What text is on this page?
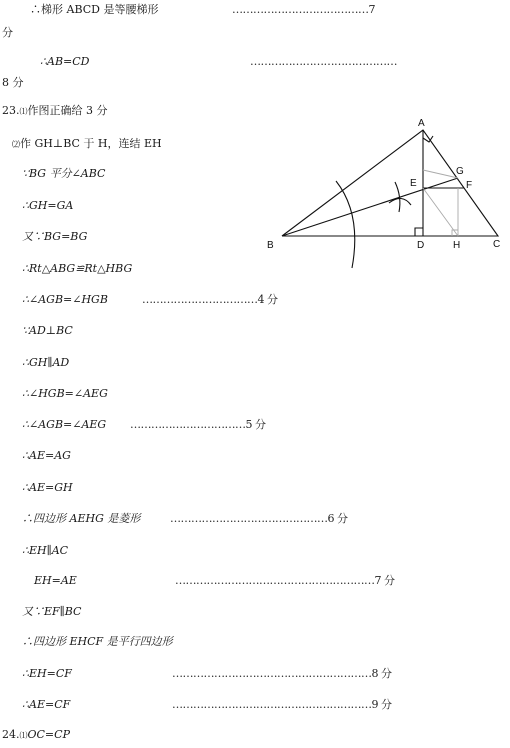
∴梯形 ABCD 是等腰梯形	…………………………………7
分
∴AB=CD	……………………………………
8 分
23.⑴作图正确给 3 分
⑵作 GH⊥BC 于 H，连结 EH
∵BG 平分∠ABC
∴GH=GA
又∵BG=BG
∴Rt△ABG≌Rt△HBG
∴∠AGB=∠HGB	……………………………4 分
∵AD⊥BC
∴GH∥AD
∴∠HGB=∠AEG
∴∠AGB=∠AEG ……………………………5 分
∴AE=AG
∴AE=GH
∴四边形 AEHG 是菱形	………………………………………6 分
∴EH∥AC
EH=AE	…………………………………………………7 分
又∵EF∥BC
∴四边形 EHCF 是平行四边形
∴EH=CF	…………………………………………………8 分
∴AE=CF	…………………………………………………9 分
24.⑴OC=CP
A
B	C
D
E	F
G
H
